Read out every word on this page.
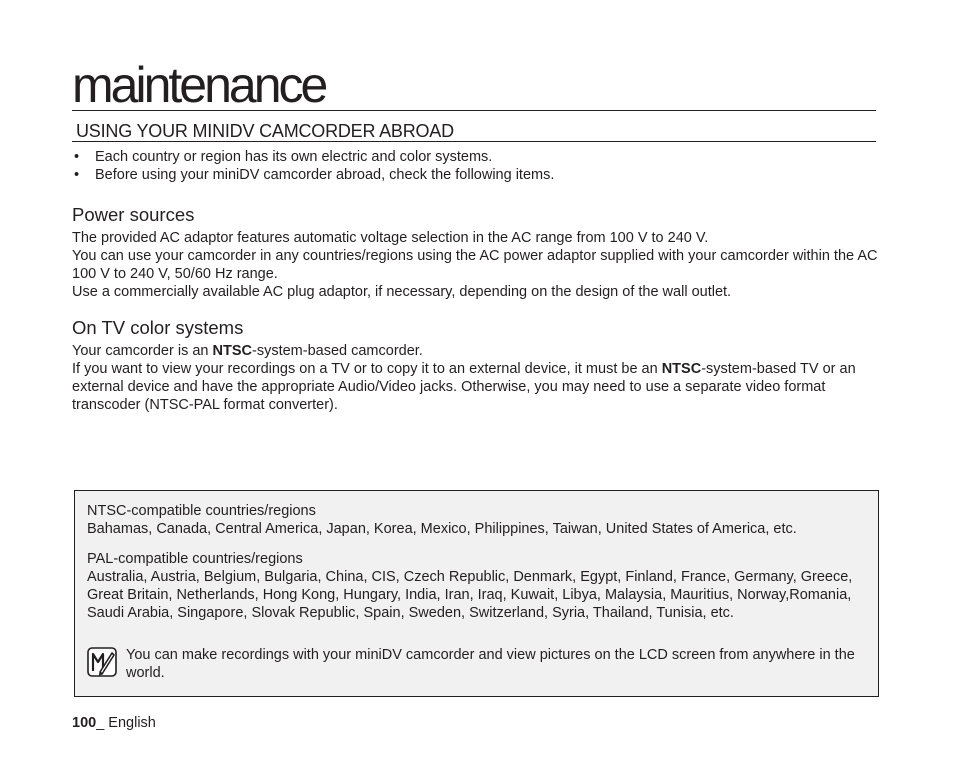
maintenance
USING YOUR MINIDV CAMCORDER ABROAD
• Each country or region has its own electric and color systems.
• Before using your miniDV camcorder abroad, check the following items.
Power sources

The provided AC adaptor features automatic voltage selection in the AC range from 100 V to 240 V.

You can use your camcorder in any countries/regions using the AC power adaptor supplied with your camcorder within the AC 100 V to 240 V, 50/60 Hz range.

Use a commercially available AC plug adaptor, if necessary, depending on the design of the wall outlet.

On TV color systems

Your camcorder is an NTSC-system-based camcorder.

If you want to view your recordings on a TV or to copy it to an external device, it must be an NTSC-system-based TV or an external device and have the appropriate Audio/Video jacks. Otherwise, you may need to use a separate video format transcoder (NTSC-PAL format converter).

NTSC-compatible countries/regions
Bahamas, Canada, Central America, Japan, Korea, Mexico, Philippines, Taiwan, United States of America, etc.
PAL-compatible countries/regions
Australia, Austria, Belgium, Bulgaria, China, CIS, Czech Republic, Denmark, Egypt, Finland, France, Germany, Greece, Great Britain, Netherlands, Hong Kong, Hungary, India, Iran, Iraq, Kuwait, Libya, Malaysia, Mauritius, Norway,Romania, Saudi Arabia, Singapore, Slovak Republic, Spain, Sweden, Switzerland, Syria, Thailand, Tunisia, etc.
You can make recordings with your miniDV camcorder and view pictures on the LCD screen from anywhere in the world.
100_ English
